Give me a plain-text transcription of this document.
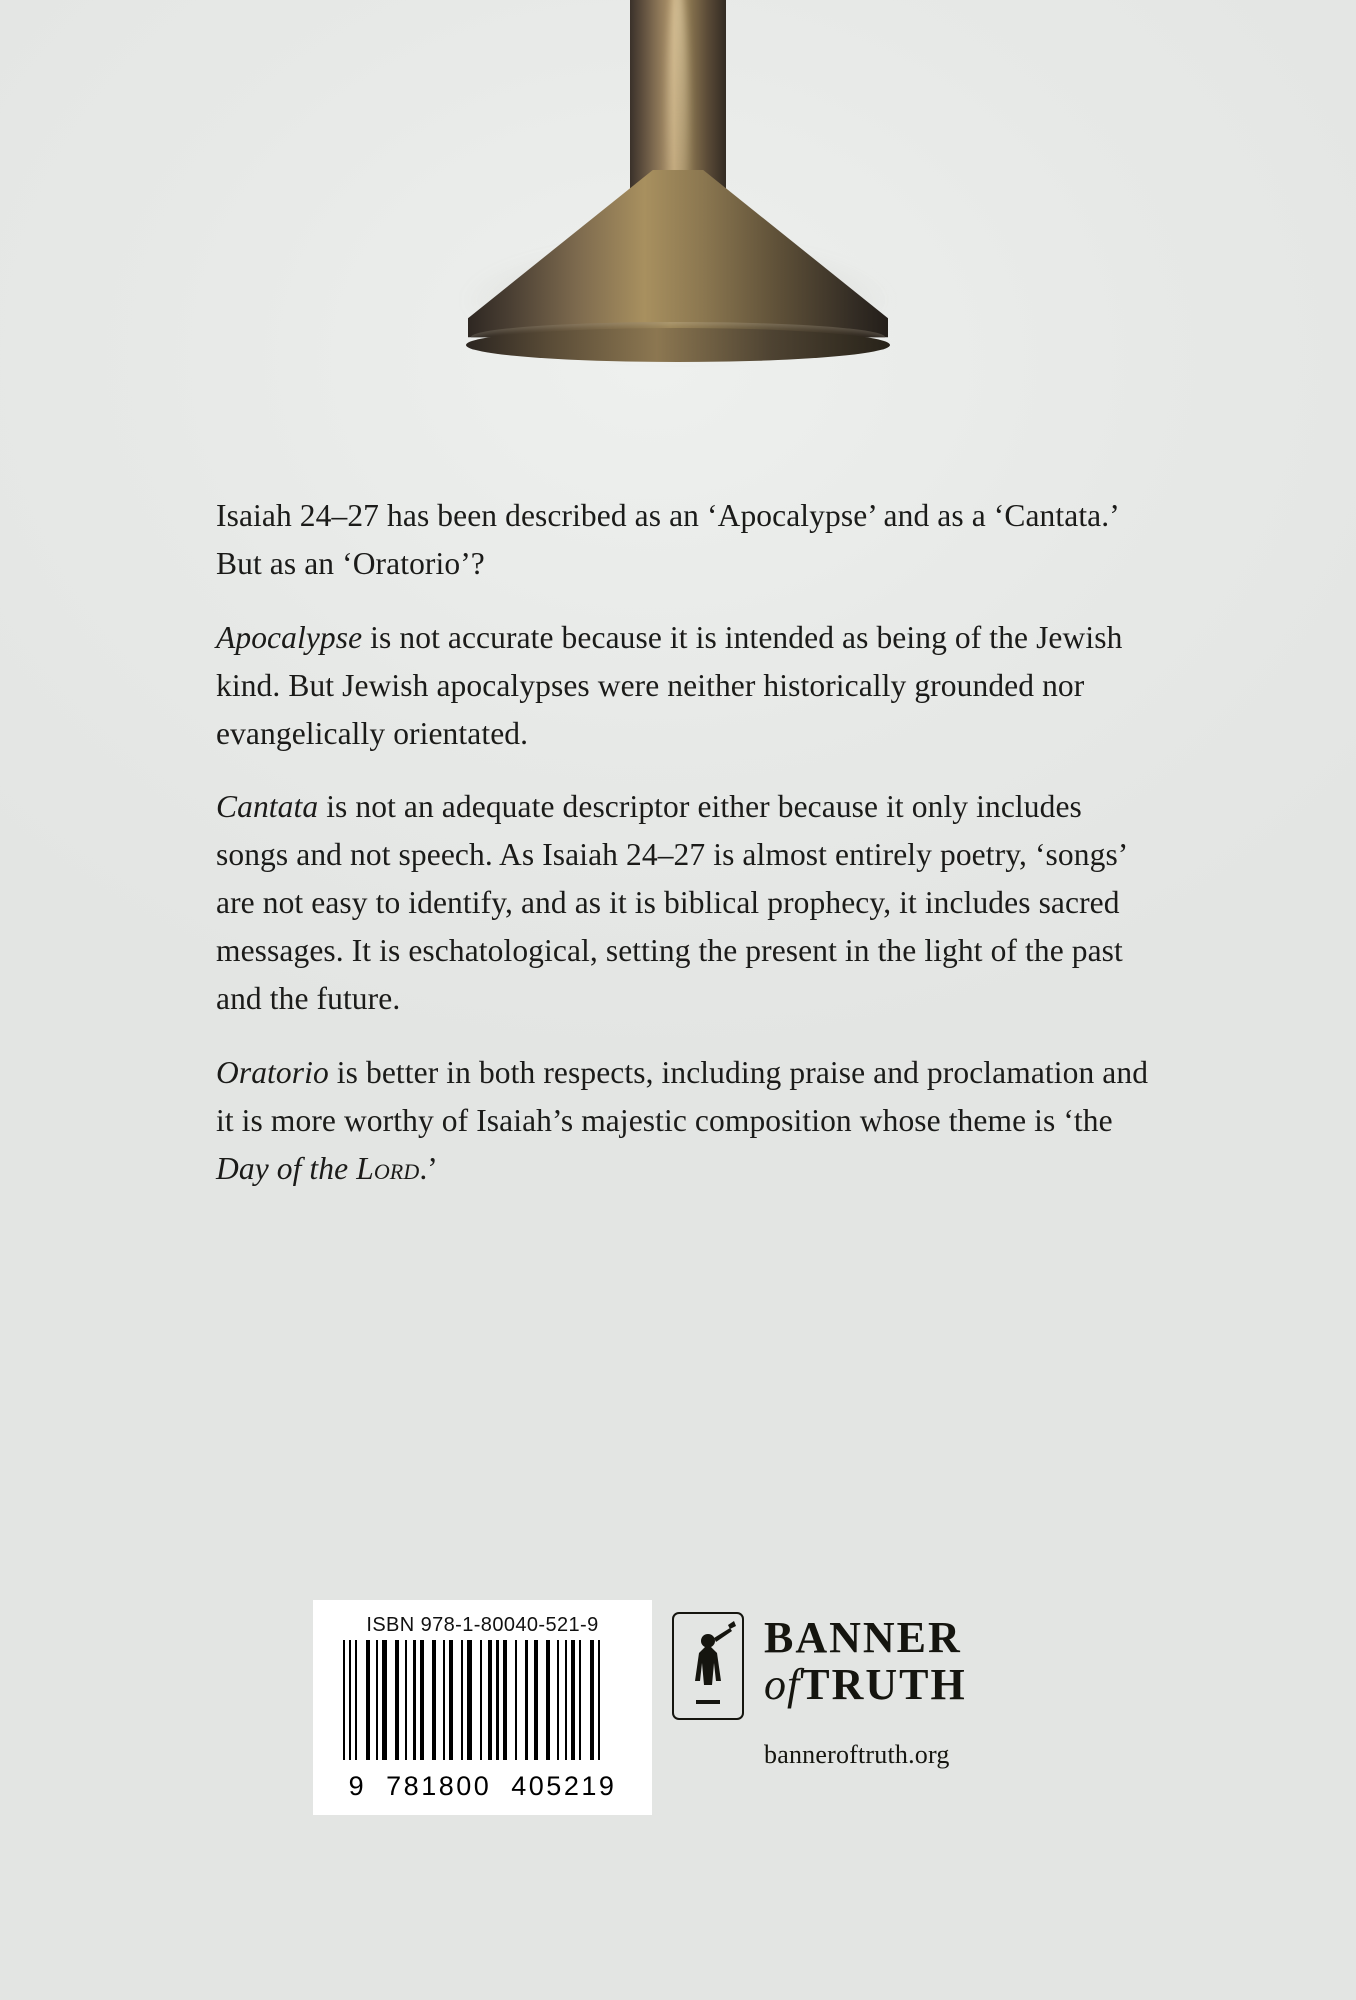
Isaiah 24–27 has been described as an ‘Apocalypse’ and as a ‘Cantata.’ But as an ‘Oratorio’?

Apocalypse is not accurate because it is intended as being of the Jewish kind. But Jewish apocalypses were neither historically grounded nor evangelically orientated.

Cantata is not an adequate descriptor either because it only includes songs and not speech. As Isaiah 24–27 is almost entirely poetry, ‘songs’ are not easy to identify, and as it is biblical prophecy, it includes sacred messages. It is eschatological, setting the present in the light of the past and the future.

Oratorio is better in both respects, including praise and proclamation and it is more worthy of Isaiah’s majestic composition whose theme is ‘the Day of the Lord.’

ISBN 978-1-80040-521-9
9 781800 405219
BANNER
ofTRUTH
banneroftruth.org
